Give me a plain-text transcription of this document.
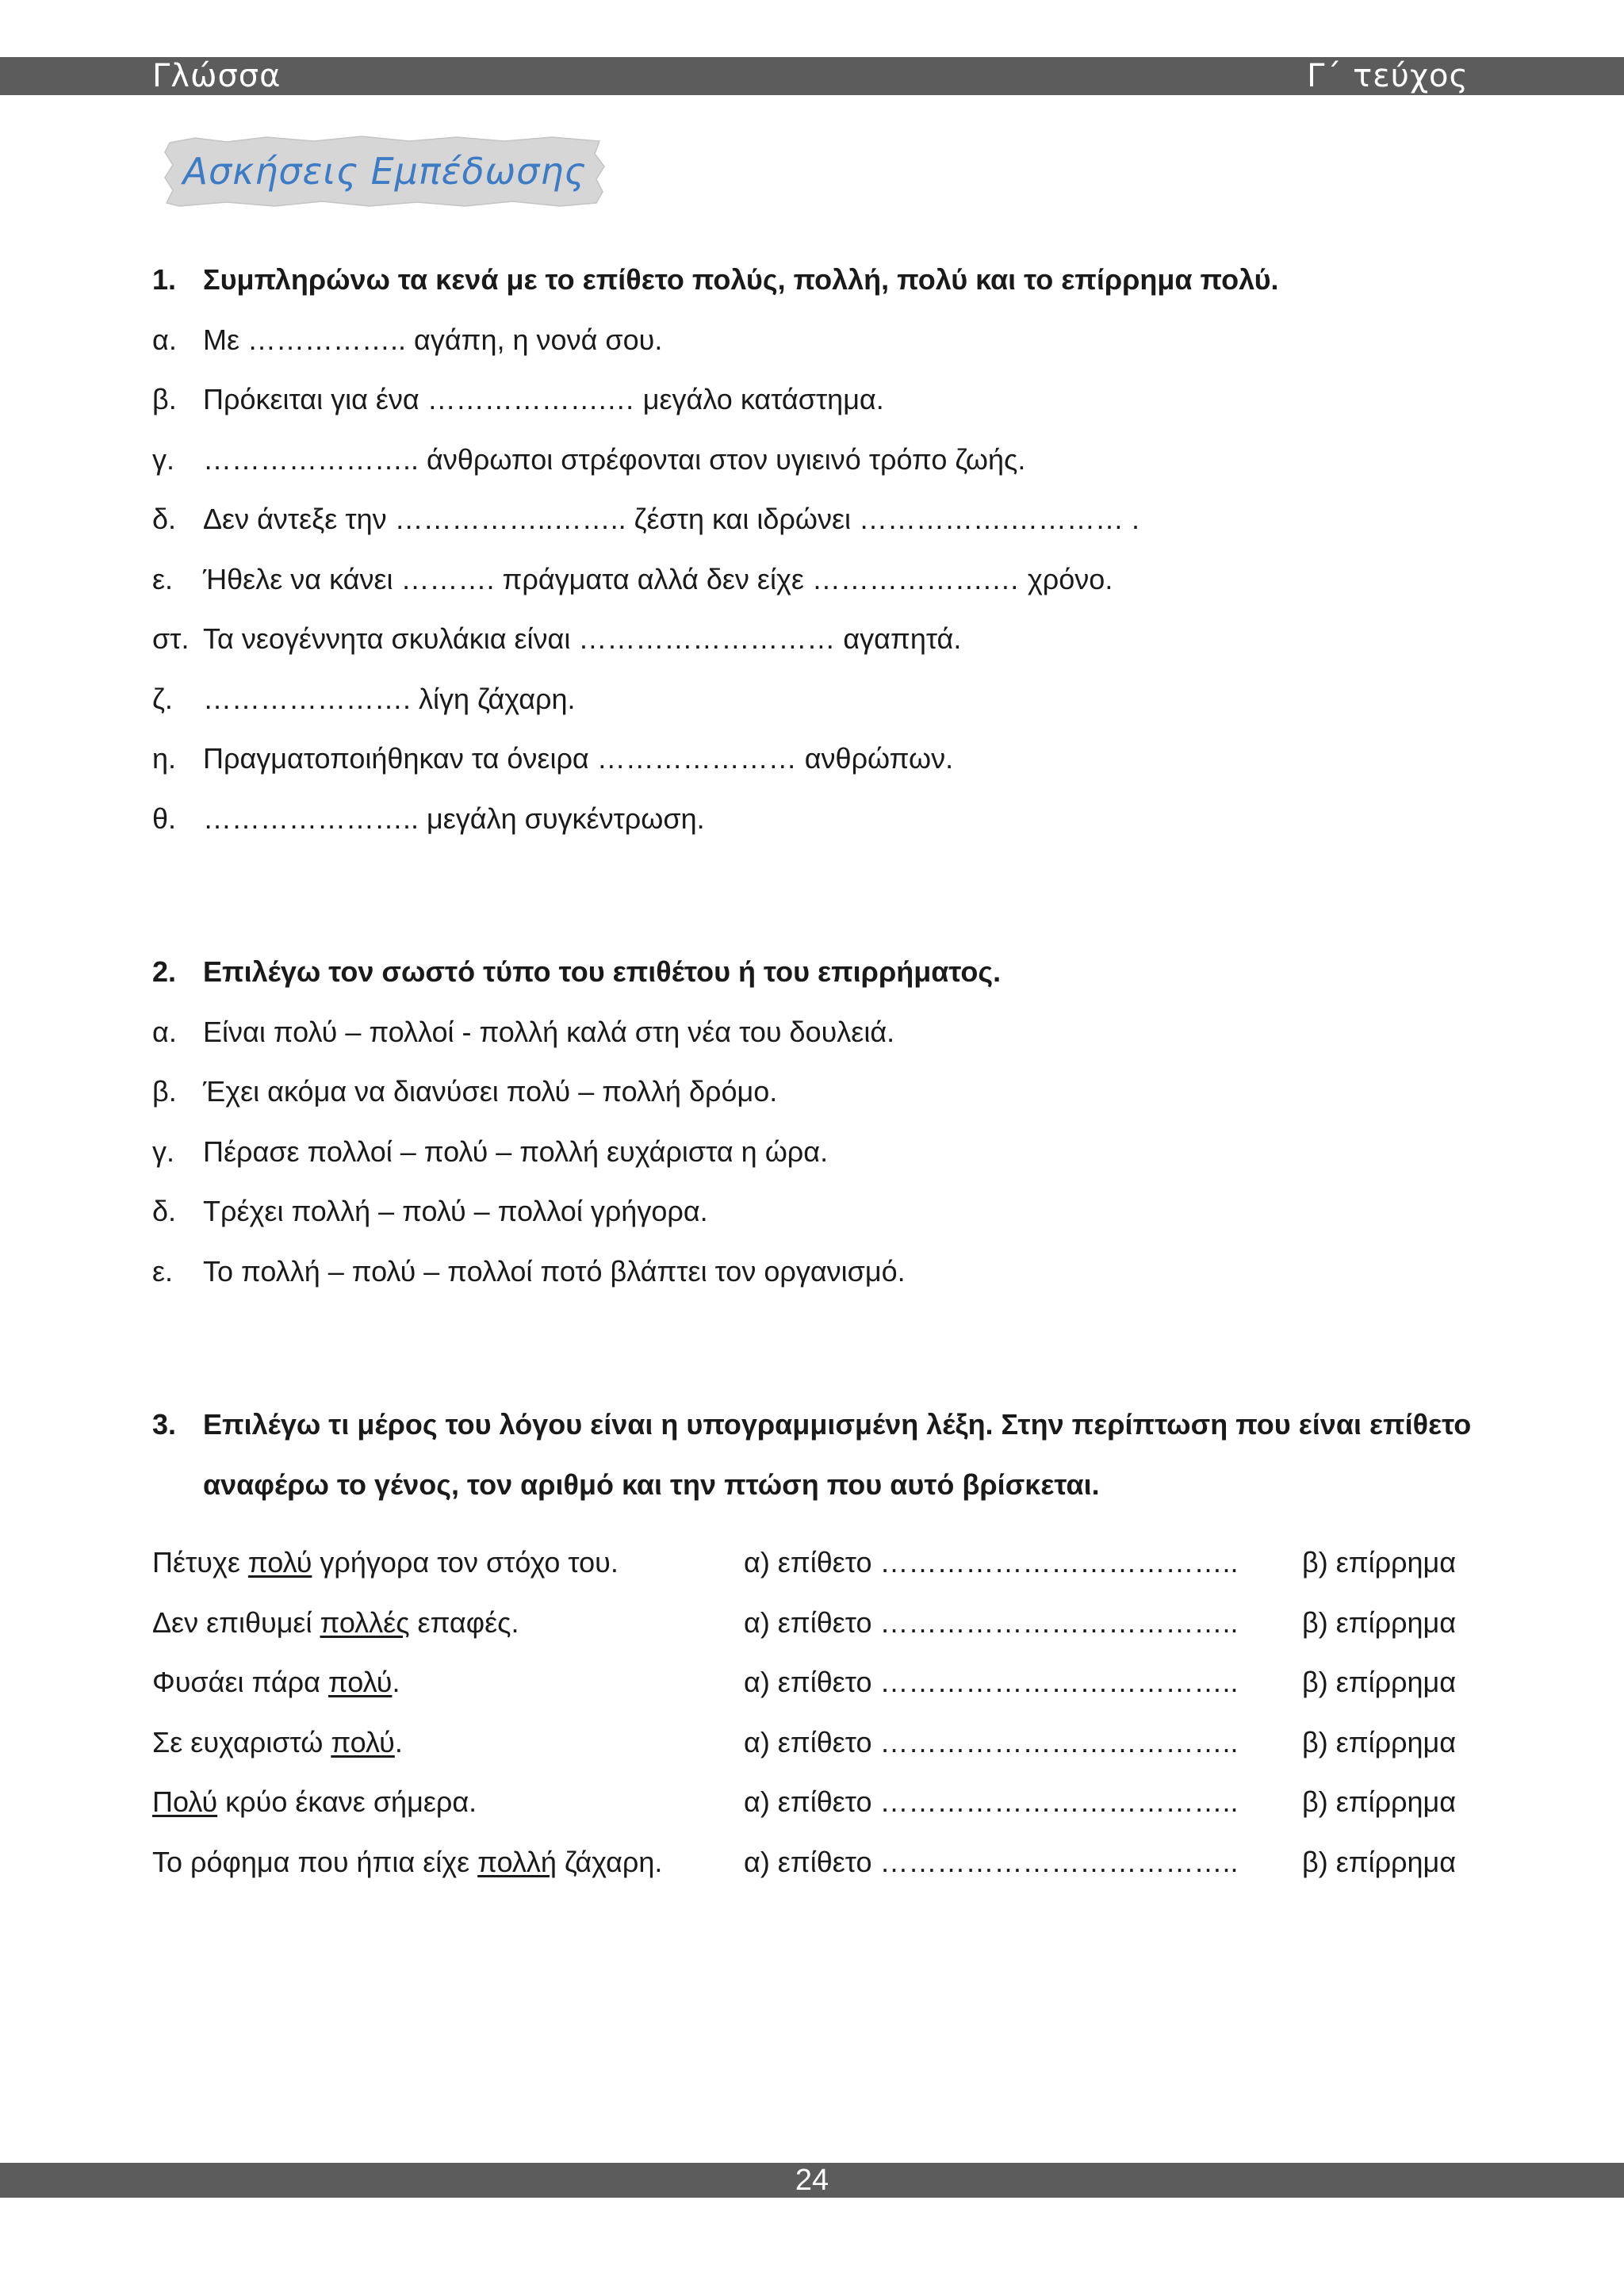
Γλώσσα	Γ΄ τεύχος
Ασκήσεις Εμπέδωσης
1. Συμπληρώνω τα κενά με το επίθετο πολύς, πολλή, πολύ και το επίρρημα πολύ.
α. Με …………….. αγάπη, η νονά σου.
β. Πρόκειται για ένα ……………….… μεγάλο κατάστημα.
γ. ………………….. άνθρωποι στρέφονται στον υγιεινό τρόπο ζωής.
δ. Δεν άντεξε την ……………..…….. ζέστη και ιδρώνει …………….………… .
ε. Ήθελε να κάνει ………. πράγματα αλλά δεν είχε ……………….… χρόνο.
στ. Τα νεογέννητα σκυλάκια είναι ……………………… αγαπητά.
ζ. …………………. λίγη ζάχαρη.
η. Πραγματοποιήθηκαν τα όνειρα ………………… ανθρώπων.
θ. ………………….. μεγάλη συγκέντρωση.
2. Επιλέγω τον σωστό τύπο του επιθέτου ή του επιρρήματος.
α. Είναι πολύ – πολλοί - πολλή καλά στη νέα του δουλειά.
β. Έχει ακόμα να διανύσει πολύ – πολλή δρόμο.
γ. Πέρασε πολλοί – πολύ – πολλή ευχάριστα η ώρα.
δ. Τρέχει πολλή – πολύ – πολλοί γρήγορα.
ε. Το πολλή – πολύ – πολλοί ποτό βλάπτει τον οργανισμό.
3. Επιλέγω τι μέρος του λόγου είναι η υπογραμμισμένη λέξη. Στην περίπτωση που είναι επίθετο
αναφέρω το γένος, τον αριθμό και την πτώση που αυτό βρίσκεται.
Πέτυχε πολύ γρήγορα τον στόχο του.	α) επίθετο ……………………………….. β) επίρρημα
Δεν επιθυμεί πολλές επαφές.	α) επίθετο ……………………………….. β) επίρρημα
Φυσάει πάρα πολύ.	α) επίθετο ……………………………….. β) επίρρημα
Σε ευχαριστώ πολύ.	α) επίθετο ……………………………….. β) επίρρημα
Πολύ κρύο έκανε σήμερα.	α) επίθετο ……………………………….. β) επίρρημα
Το ρόφημα που ήπια είχε πολλή ζάχαρη.	α) επίθετο ……………………………….. β) επίρρημα
24
